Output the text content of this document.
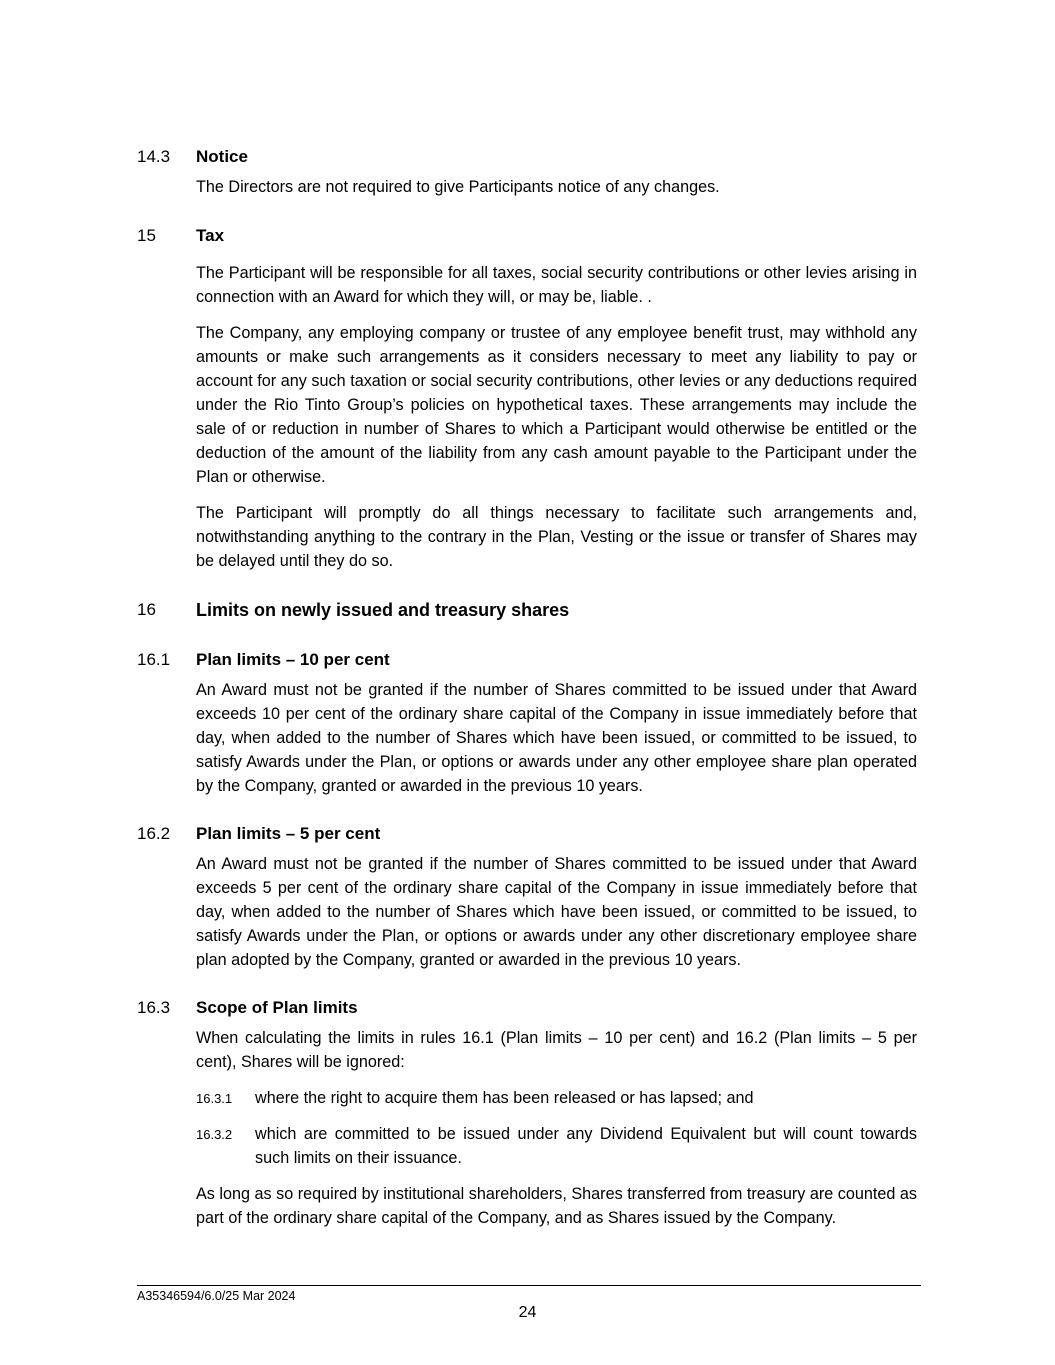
14.3 Notice
The Directors are not required to give Participants notice of any changes.
15 Tax
The Participant will be responsible for all taxes, social security contributions or other levies arising in connection with an Award for which they will, or may be, liable. .
The Company, any employing company or trustee of any employee benefit trust, may withhold any amounts or make such arrangements as it considers necessary to meet any liability to pay or account for any such taxation or social security contributions, other levies or any deductions required under the Rio Tinto Group’s policies on hypothetical taxes. These arrangements may include the sale of or reduction in number of Shares to which a Participant would otherwise be entitled or the deduction of the amount of the liability from any cash amount payable to the Participant under the Plan or otherwise.
The Participant will promptly do all things necessary to facilitate such arrangements and, notwithstanding anything to the contrary in the Plan, Vesting or the issue or transfer of Shares may be delayed until they do so.
16 Limits on newly issued and treasury shares
16.1 Plan limits – 10 per cent
An Award must not be granted if the number of Shares committed to be issued under that Award exceeds 10 per cent of the ordinary share capital of the Company in issue immediately before that day, when added to the number of Shares which have been issued, or committed to be issued, to satisfy Awards under the Plan, or options or awards under any other employee share plan operated by the Company, granted or awarded in the previous 10 years.
16.2 Plan limits – 5 per cent
An Award must not be granted if the number of Shares committed to be issued under that Award exceeds 5 per cent of the ordinary share capital of the Company in issue immediately before that day, when added to the number of Shares which have been issued, or committed to be issued, to satisfy Awards under the Plan, or options or awards under any other discretionary employee share plan adopted by the Company, granted or awarded in the previous 10 years.
16.3 Scope of Plan limits
When calculating the limits in rules 16.1 (Plan limits – 10 per cent) and 16.2 (Plan limits – 5 per cent), Shares will be ignored:
16.3.1 where the right to acquire them has been released or has lapsed; and
16.3.2 which are committed to be issued under any Dividend Equivalent but will count towards such limits on their issuance.
As long as so required by institutional shareholders, Shares transferred from treasury are counted as part of the ordinary share capital of the Company, and as Shares issued by the Company.
A35346594/6.0/25 Mar 2024
24
